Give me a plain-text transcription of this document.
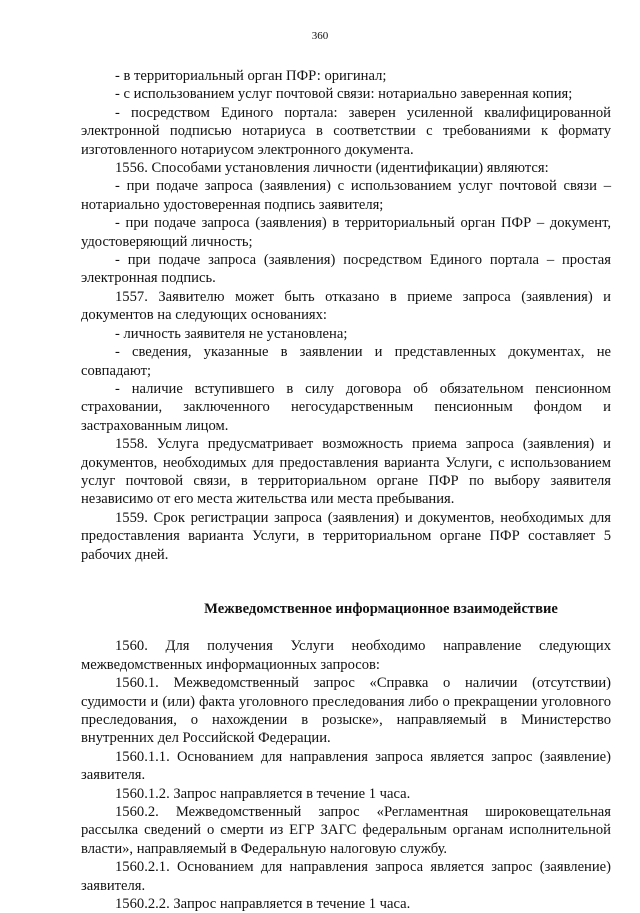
360

- в территориальный орган ПФР: оригинал;

- с использованием услуг почтовой связи: нотариально заверенная копия;

- посредством Единого портала: заверен усиленной квалифицированной электронной подписью нотариуса в соответствии с требованиями к формату изготовленного нотариусом электронного документа.

1556. Способами установления личности (идентификации) являются:

- при подаче запроса (заявления) с использованием услуг почтовой связи – нотариально удостоверенная подпись заявителя;

- при подаче запроса (заявления) в территориальный орган ПФР – документ, удостоверяющий личность;

- при подаче запроса (заявления) посредством Единого портала – простая электронная подпись.

1557. Заявителю может быть отказано в приеме запроса (заявления) и документов на следующих основаниях:

- личность заявителя не установлена;

- сведения, указанные в заявлении и представленных документах, не совпадают;

- наличие вступившего в силу договора об обязательном пенсионном страховании, заключенного негосударственным пенсионным фондом и застрахованным лицом.

1558. Услуга предусматривает возможность приема запроса (заявления) и документов, необходимых для предоставления варианта Услуги, с использованием услуг почтовой связи, в территориальном органе ПФР по выбору заявителя независимо от его места жительства или места пребывания.

1559. Срок регистрации запроса (заявления) и документов, необходимых для предоставления варианта Услуги, в территориальном органе ПФР составляет 5 рабочих дней.

Межведомственное информационное взаимодействие

1560. Для получения Услуги необходимо направление следующих межведомственных информационных запросов:

1560.1. Межведомственный запрос «Справка о наличии (отсутствии) судимости и (или) факта уголовного преследования либо о прекращении уголовного преследования, о нахождении в розыске», направляемый в Министерство внутренних дел Российской Федерации.

1560.1.1. Основанием для направления запроса является запрос (заявление) заявителя.

1560.1.2. Запрос направляется в течение 1 часа.

1560.2. Межведомственный запрос «Регламентная широковещательная рассылка сведений о смерти из ЕГР ЗАГС федеральным органам исполнительной власти», направляемый в Федеральную налоговую службу.

1560.2.1. Основанием для направления запроса является запрос (заявление) заявителя.

1560.2.2. Запрос направляется в течение 1 часа.
